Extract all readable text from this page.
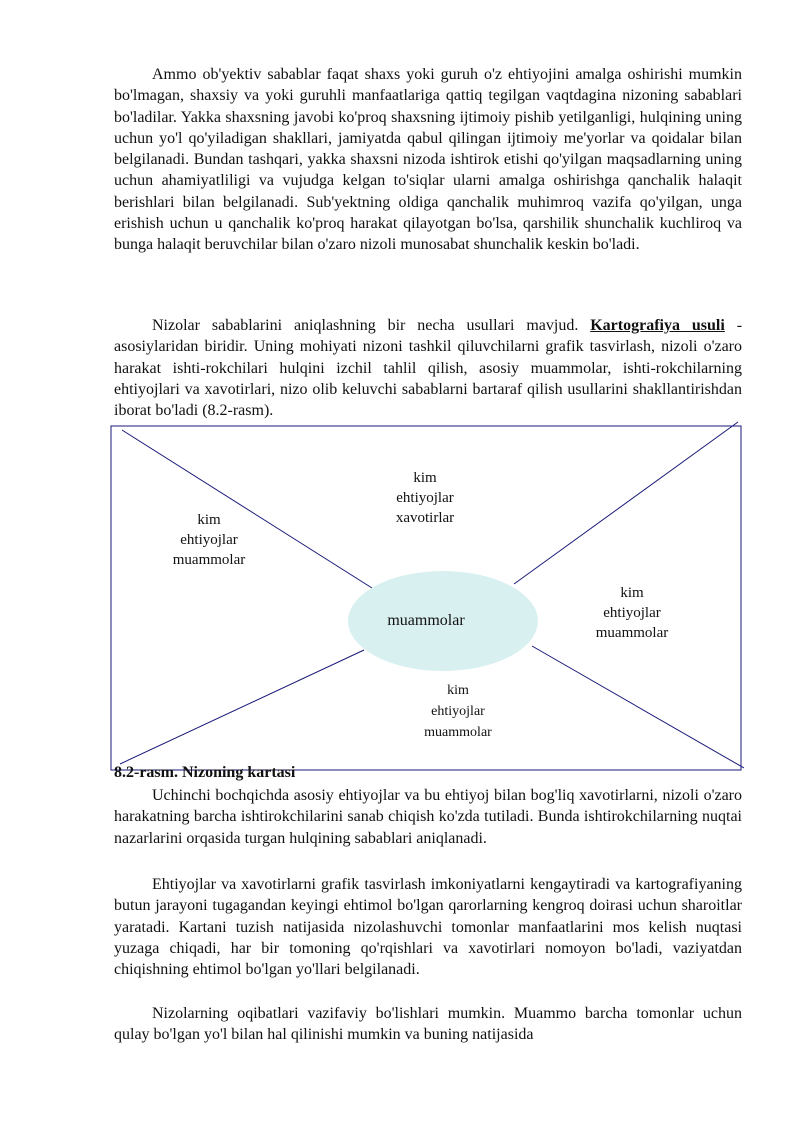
Ammo ob'yektiv sabablar faqat shaxs yoki guruh o'z ehtiyojini amalga oshirishi mumkin bo'lmagan, shaxsiy va yoki guruhli manfaatlariga qattiq tegilgan vaqtdagina nizoning sabablari bo'ladilar. Yakka shaxsning javobi ko'proq shaxsning ijtimoiy pishib yetilganligi, hulqining uning uchun yo'l qo'yiladigan shakllari, jamiyatda qabul qilingan ijtimoiy me'yorlar va qoidalar bilan belgilanadi. Bundan tashqari, yakka shaxsni nizoda ishtirok etishi qo'yilgan maqsadlarning uning uchun ahamiyatliligi va vujudga kelgan to'siqlar ularni amalga oshirishga qanchalik halaqit berishlari bilan belgilanadi. Sub'yektning oldiga qanchalik muhimroq vazifa qo'yilgan, unga erishish uchun u qanchalik ko'proq harakat qilayotgan bo'lsa, qarshilik shunchalik kuchliroq va bunga halaqit beruvchilar bilan o'zaro nizoli munosabat shunchalik keskin bo'ladi.

Nizolar sabablarini aniqlashning bir necha usullari mavjud. Kartografiya usuli - asosiylaridan biridir. Uning mohiyati nizoni tashkil qiluvchilarni grafik tasvirlash, nizoli o'zaro harakat ishti-rokchilari hulqini izchil tahlil qilish, asosiy muammolar, ishti-rokchilarning ehtiyojlari va xavotirlari, nizo olib keluvchi sabablarni bartaraf qilish usullarini shakllantirishdan iborat bo'ladi (8.2-rasm).

muammolar
kim
ehtiyojlar
xavotirlar
kim
ehtiyojlar
muammolar
kim
ehtiyojlar
muammolar
kim
ehtiyojlar
muammolar

8.2-rasm. Nizoning kartasi

Uchinchi bochqichda asosiy ehtiyojlar va bu ehtiyoj bilan bog'liq xavotirlarni, nizoli o'zaro harakatning barcha ishtirokchilarini sanab chiqish ko'zda tutiladi. Bunda ishtirokchilarning nuqtai nazarlarini orqasida turgan hulqining sabablari aniqlanadi.

Ehtiyojlar va xavotirlarni grafik tasvirlash imkoniyatlarni kengaytiradi va kartografiyaning butun jarayoni tugagandan keyingi ehtimol bo'lgan qarorlarning kengroq doirasi uchun sharoitlar yaratadi. Kartani tuzish natijasida nizolashuvchi tomonlar manfaatlarini mos kelish nuqtasi yuzaga chiqadi, har bir tomoning qo'rqishlari va xavotirlari nomoyon bo'ladi, vaziyatdan chiqishning ehtimol bo'lgan yo'llari belgilanadi.

Nizolarning oqibatlari vazifaviy bo'lishlari mumkin. Muammo barcha tomonlar uchun qulay bo'lgan yo'l bilan hal qilinishi mumkin va buning natijasida
